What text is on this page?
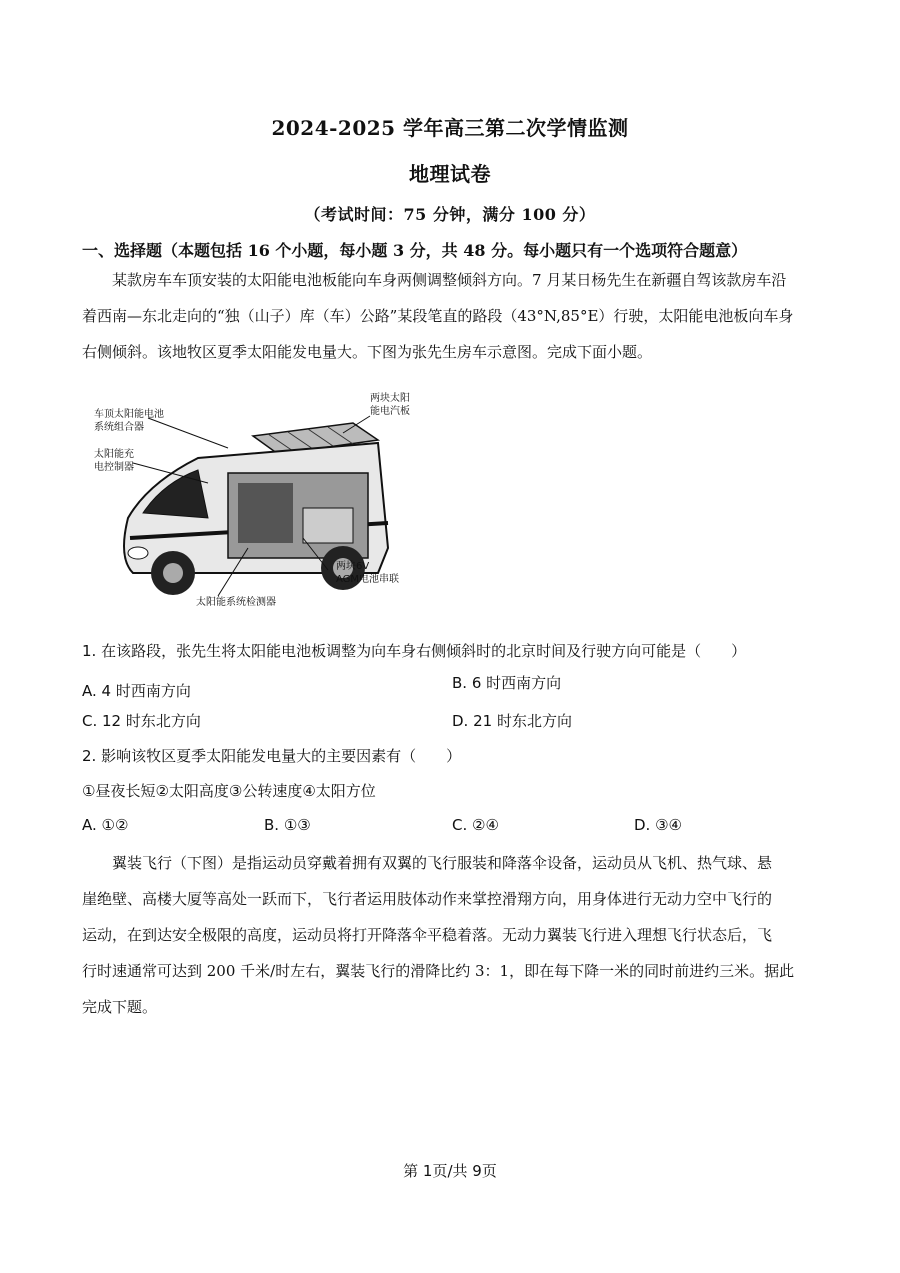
2024-2025 学年高三第二次学情监测
地理试卷
（考试时间：75 分钟，满分 100 分）
一、选择题（本题包括 16 个小题，每小题 3 分，共 48 分。每小题只有一个选项符合题意）
某款房车车顶安装的太阳能电池板能向车身两侧调整倾斜方向。7 月某日杨先生在新疆自驾该款房车沿
着西南—东北走向的“独（山子）库（车）公路”某段笔直的路段（43°N,85°E）行驶，太阳能电池板向车身
右侧倾斜。该地牧区夏季太阳能发电量大。下图为张先生房车示意图。完成下面小题。
车顶太阳能电池
系统组合器
太阳能充
电控制器
两块太阳
能电汽板
两块6V
AGM电池串联
太阳能系统检测器
1. 在该路段，张先生将太阳能电池板调整为向车身右侧倾斜时的北京时间及行驶方向可能是（　　）
A. 4 时西南方向	B. 6 时西南方向
C. 12 时东北方向	D. 21 时东北方向
2. 影响该牧区夏季太阳能发电量大的主要因素有（　　）
①昼夜长短②太阳高度③公转速度④太阳方位
A. ①②	B. ①③	C. ②④	D. ③④
翼装飞行（下图）是指运动员穿戴着拥有双翼的飞行服装和降落伞设备，运动员从飞机、热气球、悬
崖绝壁、高楼大厦等高处一跃而下，飞行者运用肢体动作来掌控滑翔方向，用身体进行无动力空中飞行的
运动，在到达安全极限的高度，运动员将打开降落伞平稳着落。无动力翼装飞行进入理想飞行状态后，飞
行时速通常可达到 200 千米/时左右，翼装飞行的滑降比约 3：1，即在每下降一米的同时前进约三米。据此
完成下题。
第 1页/共 9页
